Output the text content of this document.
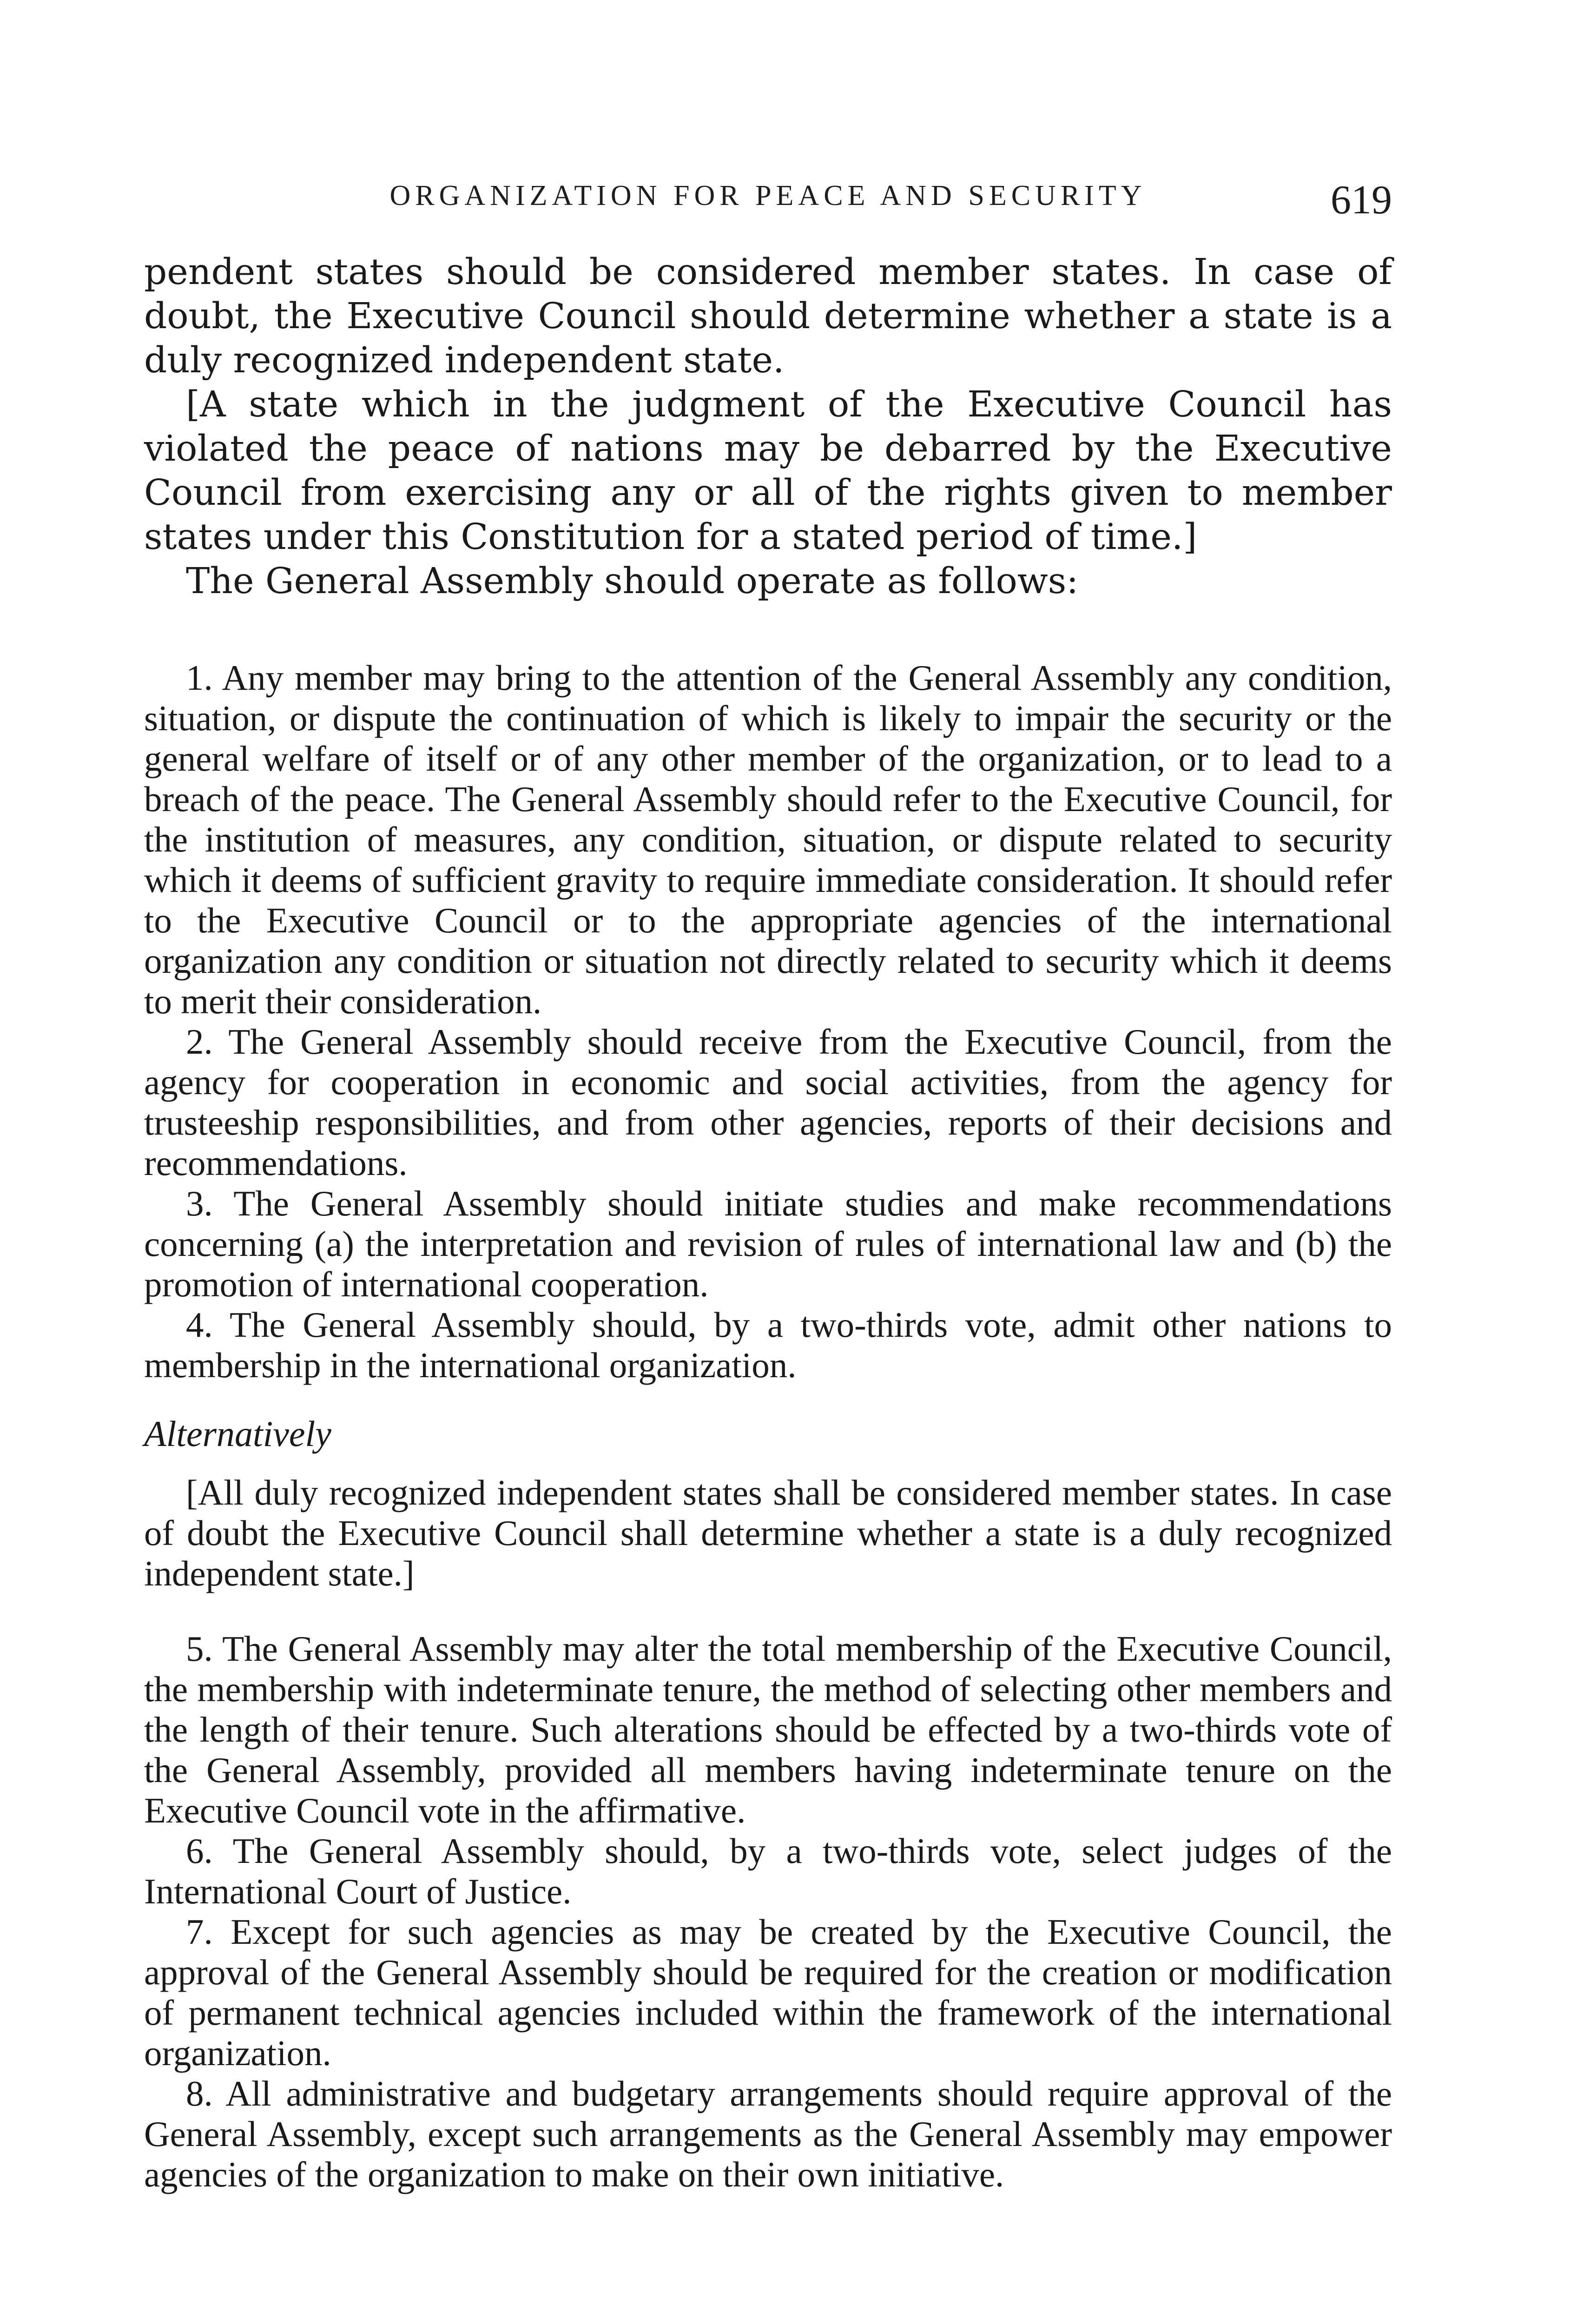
ORGANIZATION FOR PEACE AND SECURITY	619

pendent states should be considered member states. In case of doubt, the Executive Council should determine whether a state is a duly recognized independent state.

[A state which in the judgment of the Executive Council has violated the peace of nations may be debarred by the Executive Council from exercising any or all of the rights given to member states under this Constitution for a stated period of time.]

The General Assembly should operate as follows:

1. Any member may bring to the attention of the General Assembly any condition, situation, or dispute the continuation of which is likely to impair the security or the general welfare of itself or of any other member of the organization, or to lead to a breach of the peace. The General Assembly should refer to the Executive Council, for the institution of measures, any condition, situation, or dispute related to security which it deems of sufficient gravity to require immediate consideration. It should refer to the Executive Council or to the appropriate agencies of the international organization any condition or situation not directly related to security which it deems to merit their consideration.

2. The General Assembly should receive from the Executive Council, from the agency for cooperation in economic and social activities, from the agency for trusteeship responsibilities, and from other agencies, reports of their decisions and recommendations.

3. The General Assembly should initiate studies and make recommendations concerning (a) the interpretation and revision of rules of international law and (b) the promotion of international cooperation.

4. The General Assembly should, by a two-thirds vote, admit other nations to membership in the international organization.

Alternatively

[All duly recognized independent states shall be considered member states. In case of doubt the Executive Council shall determine whether a state is a duly recognized independent state.]

5. The General Assembly may alter the total membership of the Executive Council, the membership with indeterminate tenure, the method of selecting other members and the length of their tenure. Such alterations should be effected by a two-thirds vote of the General Assembly, provided all members having indeterminate tenure on the Executive Council vote in the affirmative.

6. The General Assembly should, by a two-thirds vote, select judges of the International Court of Justice.

7. Except for such agencies as may be created by the Executive Council, the approval of the General Assembly should be required for the creation or modification of permanent technical agencies included within the framework of the international organization.

8. All administrative and budgetary arrangements should require approval of the General Assembly, except such arrangements as the General Assembly may empower agencies of the organization to make on their own initiative.
